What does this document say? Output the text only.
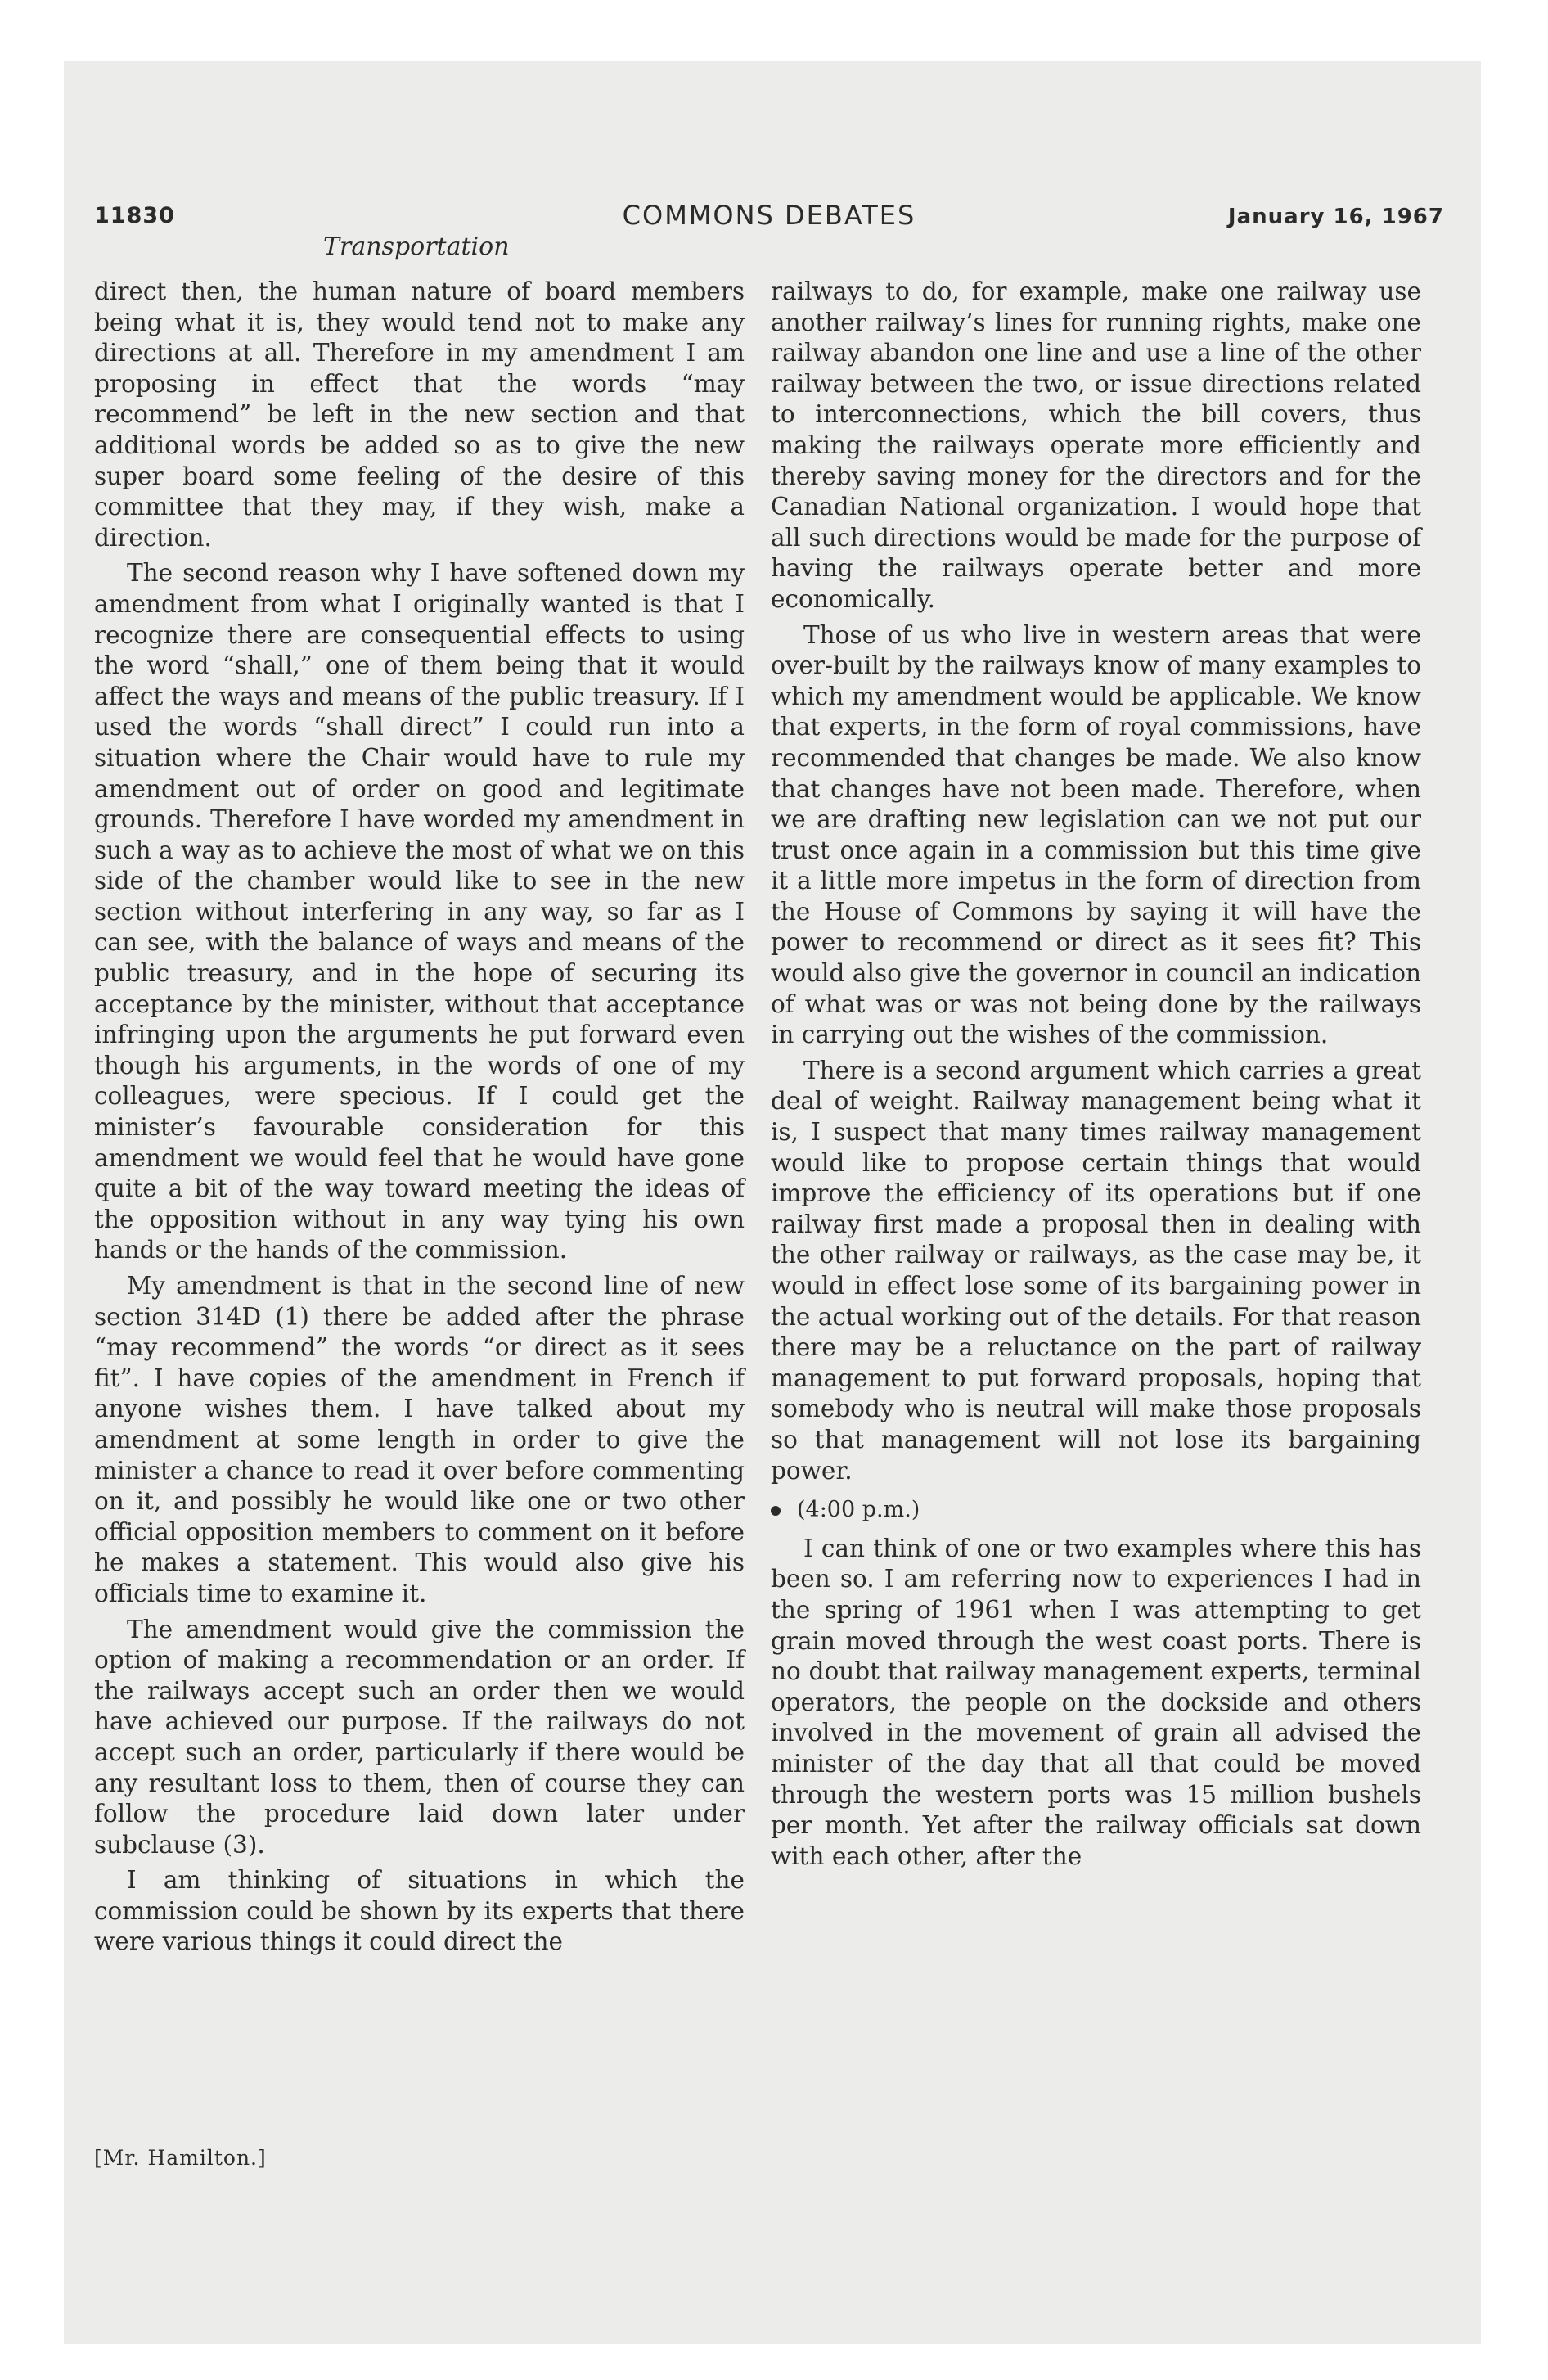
11830	COMMONS DEBATES	January 16, 1967
Transportation

direct then, the human nature of board members being what it is, they would tend not to make any directions at all. Therefore in my amendment I am proposing in effect that the words “may recommend” be left in the new section and that additional words be added so as to give the new super board some feeling of the desire of this committee that they may, if they wish, make a direction.

The second reason why I have softened down my amendment from what I originally wanted is that I recognize there are consequential effects to using the word “shall,” one of them being that it would affect the ways and means of the public treasury. If I used the words “shall direct” I could run into a situation where the Chair would have to rule my amendment out of order on good and legitimate grounds. Therefore I have worded my amendment in such a way as to achieve the most of what we on this side of the chamber would like to see in the new section without interfering in any way, so far as I can see, with the balance of ways and means of the public treasury, and in the hope of securing its acceptance by the minister, without that acceptance infringing upon the arguments he put forward even though his arguments, in the words of one of my colleagues, were specious. If I could get the minister’s favourable consideration for this amendment we would feel that he would have gone quite a bit of the way toward meeting the ideas of the opposition without in any way tying his own hands or the hands of the commission.

My amendment is that in the second line of new section 314D (1) there be added after the phrase “may recommend” the words “or direct as it sees fit”. I have copies of the amendment in French if anyone wishes them. I have talked about my amendment at some length in order to give the minister a chance to read it over before commenting on it, and possibly he would like one or two other official opposition members to comment on it before he makes a statement. This would also give his officials time to examine it.

The amendment would give the commission the option of making a recommendation or an order. If the railways accept such an order then we would have achieved our purpose. If the railways do not accept such an order, particularly if there would be any resultant loss to them, then of course they can follow the procedure laid down later under subclause (3).

I am thinking of situations in which the commission could be shown by its experts that there were various things it could direct the

railways to do, for example, make one railway use another railway’s lines for running rights, make one railway abandon one line and use a line of the other railway between the two, or issue directions related to interconnections, which the bill covers, thus making the railways operate more efficiently and thereby saving money for the directors and for the Canadian National organization. I would hope that all such directions would be made for the purpose of having the railways operate better and more economically.

Those of us who live in western areas that were over-built by the railways know of many examples to which my amendment would be applicable. We know that experts, in the form of royal commissions, have recommended that changes be made. We also know that changes have not been made. Therefore, when we are drafting new legislation can we not put our trust once again in a commission but this time give it a little more impetus in the form of direction from the House of Commons by saying it will have the power to recommend or direct as it sees fit? This would also give the governor in council an indication of what was or was not being done by the railways in carrying out the wishes of the commission.

There is a second argument which carries a great deal of weight. Railway management being what it is, I suspect that many times railway management would like to propose certain things that would improve the efficiency of its operations but if one railway first made a proposal then in dealing with the other railway or railways, as the case may be, it would in effect lose some of its bargaining power in the actual working out of the details. For that reason there may be a reluctance on the part of railway management to put forward proposals, hoping that somebody who is neutral will make those proposals so that management will not lose its bargaining power.

(4:00 p.m.)

I can think of one or two examples where this has been so. I am referring now to experiences I had in the spring of 1961 when I was attempting to get grain moved through the west coast ports. There is no doubt that railway management experts, terminal operators, the people on the dockside and others involved in the movement of grain all advised the minister of the day that all that could be moved through the western ports was 15 million bushels per month. Yet after the railway officials sat down with each other, after the

[Mr. Hamilton.]
